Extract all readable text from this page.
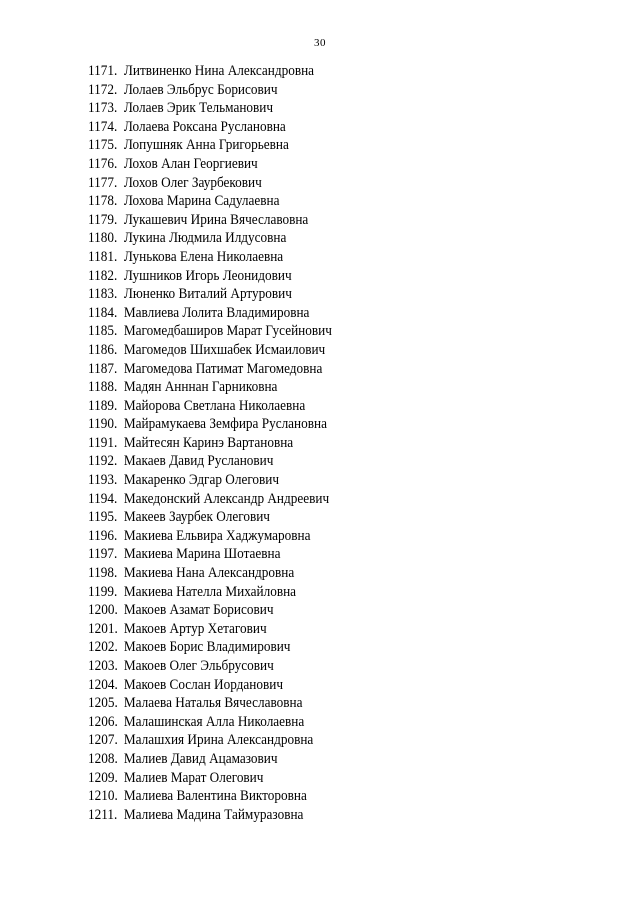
30
1171. Литвиненко Нина Александровна
1172. Лолаев Эльбрус Борисович
1173. Лолаев Эрик Тельманович
1174. Лолаева Роксана Руслановна
1175. Лопушняк Анна Григорьевна
1176. Лохов Алан Георгиевич
1177. Лохов Олег Заурбекович
1178. Лохова Марина Садулаевна
1179. Лукашевич Ирина Вячеславовна
1180. Лукина Людмила Илдусовна
1181. Лунькова Елена Николаевна
1182. Лушников Игорь Леонидович
1183. Люненко Виталий Артурович
1184. Мавлиева Лолита Владимировна
1185. Магомедбаширов Марат Гусейнович
1186. Магомедов Шихшабек Исмаилович
1187. Магомедова Патимат Магомедовна
1188. Мадян Анннан Гарниковна
1189. Майорова Светлана Николаевна
1190. Майрамукаева Земфира Руслановна
1191. Майтесян Каринэ Вартановна
1192. Макаев Давид Русланович
1193. Макаренко Эдгар Олегович
1194. Македонский Александр Андреевич
1195. Макеев Заурбек Олегович
1196. Макиева Ельвира Хаджумаровна
1197. Макиева Марина Шотаевна
1198. Макиева Нана Александровна
1199. Макиева Нателла Михайловна
1200. Макоев Азамат Борисович
1201. Макоев Артур Хетагович
1202. Макоев Борис Владимирович
1203. Макоев Олег Эльбрусович
1204. Макоев Сослан Иорданович
1205. Малаева Наталья Вячеславовна
1206. Малашинская Алла Николаевна
1207. Малашхия Ирина Александровна
1208. Малиев Давид Ацамазович
1209. Малиев Марат Олегович
1210. Малиева Валентина Викторовна
1211. Малиева Мадина Таймуразовна
